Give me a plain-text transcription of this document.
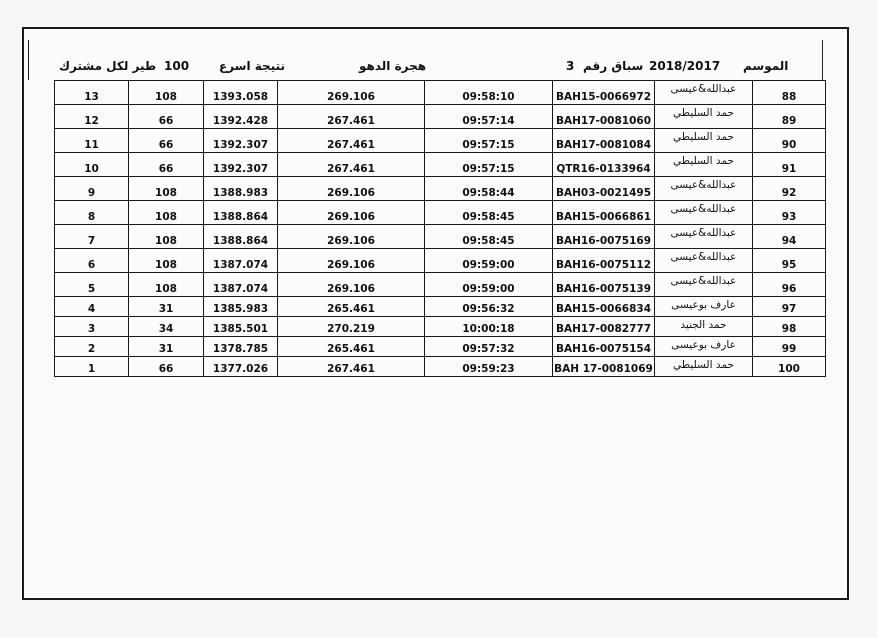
الموسم
2018/2017
3 سباق رقم
هجرة الدهو
نتيجة اسرع
100
طير لكل مشترك
13	108	1393.058	269.106	09:58:10	BAH15-0066972	عبدالله&عيسى	88
12	66	1392.428	267.461	09:57:14	BAH17-0081060	حمد السليطي	89
11	66	1392.307	267.461	09:57:15	BAH17-0081084	حمد السليطي	90
10	66	1392.307	267.461	09:57:15	QTR16-0133964	حمد السليطي	91
9	108	1388.983	269.106	09:58:44	BAH03-0021495	عبدالله&عيسى	92
8	108	1388.864	269.106	09:58:45	BAH15-0066861	عبدالله&عيسى	93
7	108	1388.864	269.106	09:58:45	BAH16-0075169	عبدالله&عيسى	94
6	108	1387.074	269.106	09:59:00	BAH16-0075112	عبدالله&عيسى	95
5	108	1387.074	269.106	09:59:00	BAH16-0075139	عبدالله&عيسى	96
4	31	1385.983	265.461	09:56:32	BAH15-0066834	عارف بوعيسى	97
3	34	1385.501	270.219	10:00:18	BAH17-0082777	حمد الجنيد	98
2	31	1378.785	265.461	09:57:32	BAH16-0075154	عارف بوعيسى	99
1	66	1377.026	267.461	09:59:23	BAH 17-0081069	حمد السليطي	100
